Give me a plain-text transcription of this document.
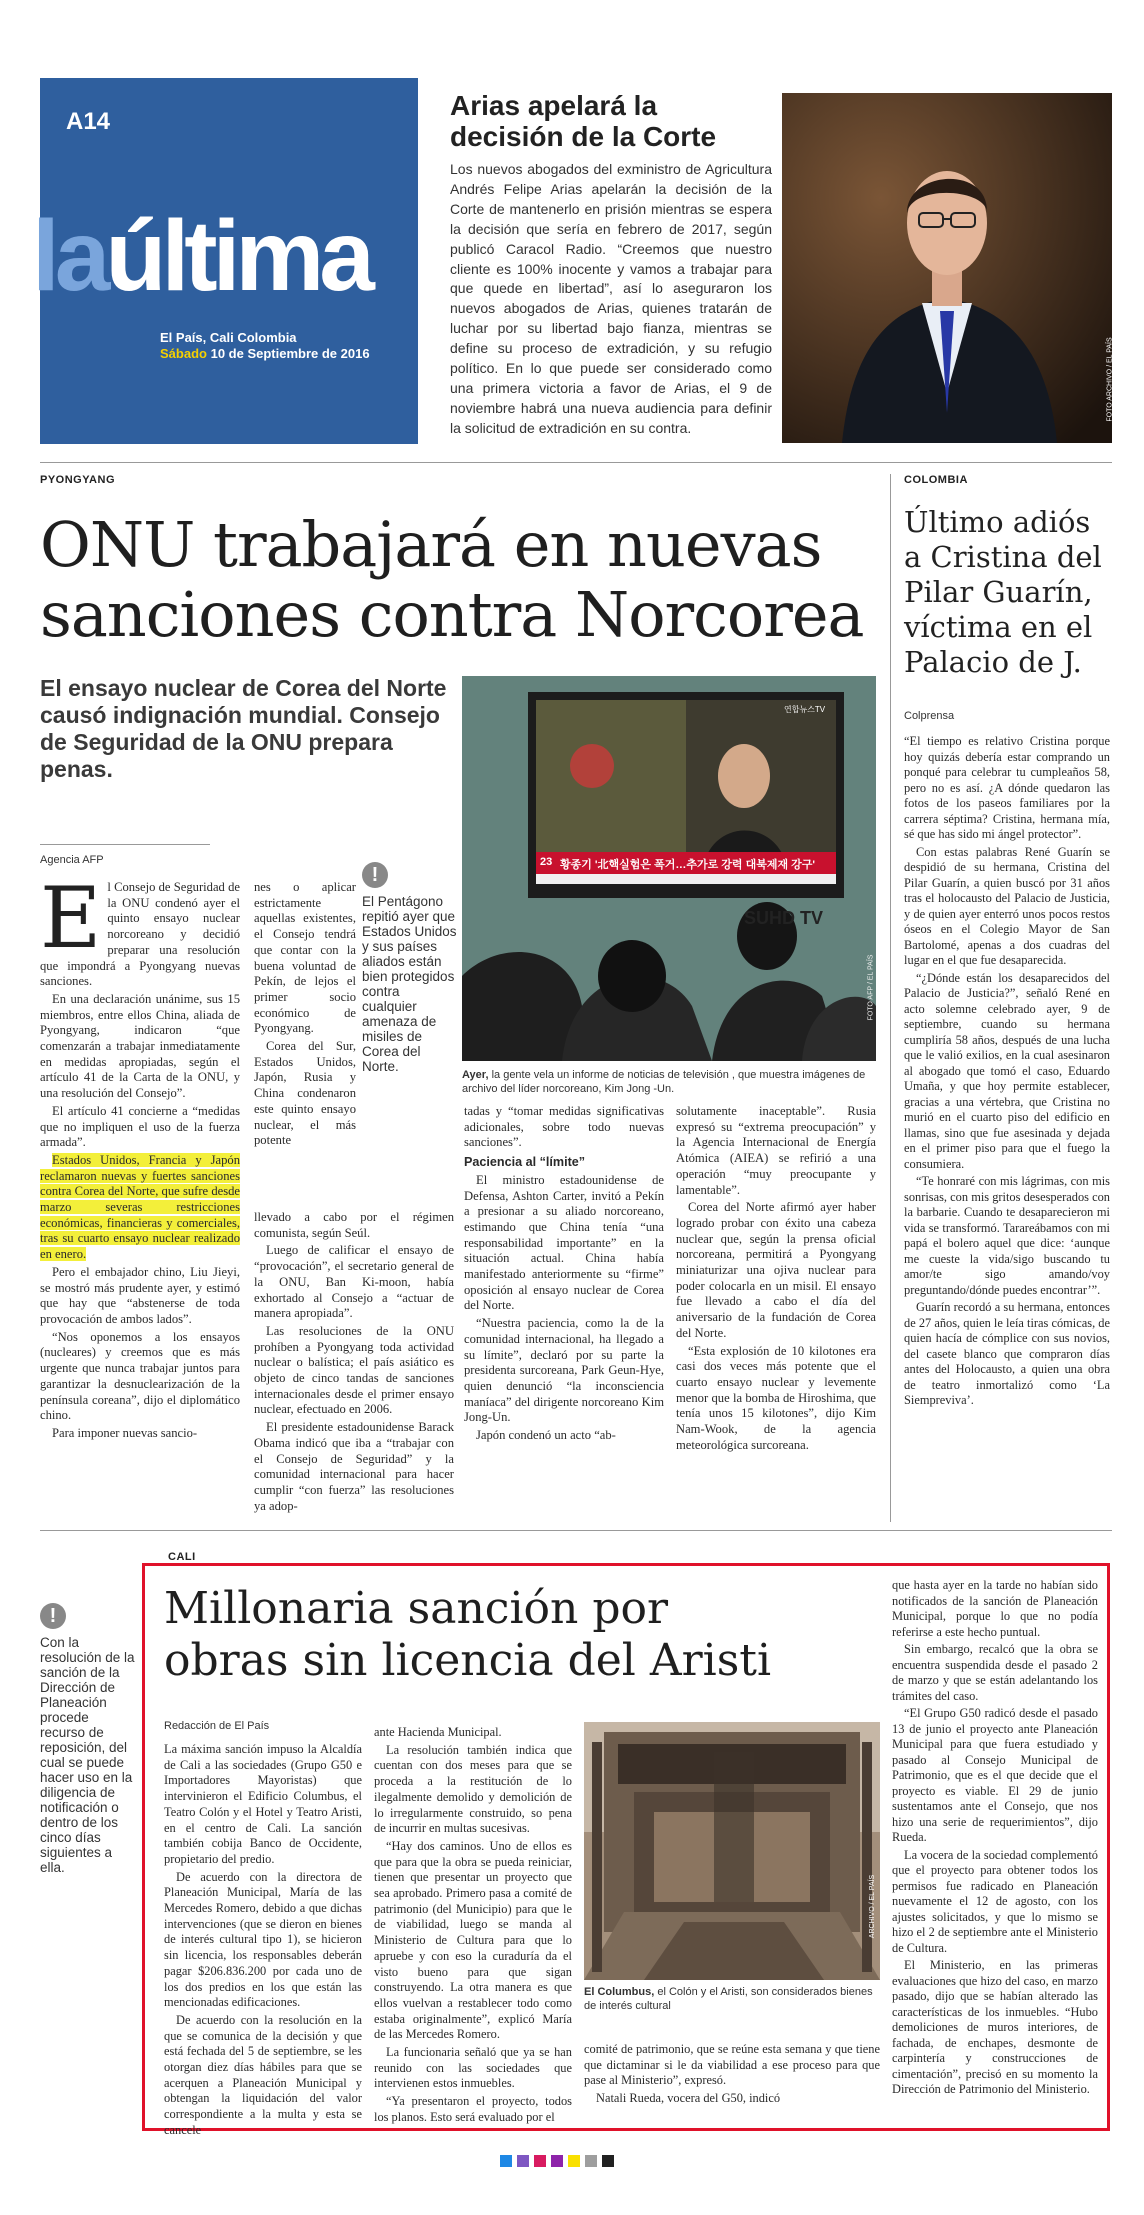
A14
laúltima
El País, Cali Colombia
Sábado 10 de Septiembre de 2016
Arias apelará la
decisión de la Corte
Los nuevos abogados del exministro de Agricultura Andrés Felipe Arias apelarán la decisión de la Corte de mantenerlo en prisión mientras se espera la decisión que sería en febrero de 2017, según publicó Caracol Radio. “Creemos que nuestro cliente es 100% inocente y vamos a trabajar para que quede en libertad”, así lo aseguraron los nuevos abogados de Arias, quienes tratarán de luchar por su libertad bajo fianza, mientras se define su proceso de extradición, y su refugio político. En lo que puede ser considerado como una primera victoria a favor de Arias, el 9 de noviembre habrá una nueva audiencia para definir la solicitud de extradición en su contra.
FOTO ARCHIVO / EL PAÍS
PYONGYANG
ONU trabajará en nuevas
sanciones contra Norcorea
El ensayo nuclear de Corea del Norte causó indignación mundial. Consejo de Seguridad de la ONU prepara penas.
연합뉴스TV
23 황종기 '北핵실험은 폭거…추가로 강력 대북제재 강구'
SUHD TV
FOTO AFP / EL PAÍS
Ayer, la gente vela un informe de noticias de televisión , que muestra imágenes de archivo del líder norcoreano, Kim Jong -Un.
Agencia AFP
E l Consejo de Seguridad de la ONU condenó ayer el quinto ensayo nuclear norcoreano y decidió preparar una resolución que impondrá a Pyongyang nuevas sanciones.

En una declaración unánime, sus 15 miembros, entre ellos China, aliada de Pyongyang, indicaron “que comenzarán a trabajar inmediatamente en medidas apropiadas, según el artículo 41 de la Carta de la ONU, y una resolución del Consejo”.

El artículo 41 concierne a “medidas que no impliquen el uso de la fuerza armada”.

Estados Unidos, Francia y Japón reclamaron nuevas y fuertes sanciones contra Corea del Norte, que sufre desde marzo severas restricciones económicas, financieras y comerciales, tras su cuarto ensayo nuclear realizado en enero.

Pero el embajador chino, Liu Jieyi, se mostró más prudente ayer, y estimó que hay que “abstenerse de toda provocación de ambos lados”.

“Nos oponemos a los ensayos (nucleares) y creemos que es más urgente que nunca trabajar juntos para garantizar la desnuclearización de la península coreana”, dijo el diplomático chino.

Para imponer nuevas sancio-

nes o aplicar estrictamente aquellas existentes, el Consejo tendrá que contar con la buena voluntad de Pekín, de lejos el primer socio económico de Pyongyang.

Corea del Sur, Estados Unidos, Japón, Rusia y China condenaron este quinto ensayo nuclear, el más potente

!
El Pentágono repitió ayer que Estados Unidos y sus países aliados están bien protegidos contra cualquier amenaza de misiles de Corea del Norte.

llevado a cabo por el régimen comunista, según Seúl.

Luego de calificar el ensayo de “provocación”, el secretario general de la ONU, Ban Ki-moon, había exhortado al Consejo a “actuar de manera apropiada”.

Las resoluciones de la ONU prohíben a Pyongyang toda actividad nuclear o balística; el país asiático es objeto de cinco tandas de sanciones internacionales desde el primer ensayo nuclear, efectuado en 2006.

El presidente estadounidense Barack Obama indicó que iba a “trabajar con el Consejo de Seguridad” y la comunidad internacional para hacer cumplir “con fuerza” las resoluciones ya adop-

tadas y “tomar medidas significativas adicionales, sobre todo nuevas sanciones”.

Paciencia al “límite”

El ministro estadounidense de Defensa, Ashton Carter, invitó a Pekín a presionar a su aliado norcoreano, estimando que China tenía “una responsabilidad importante” en la situación actual. China había manifestado anteriormente su “firme” oposición al ensayo nuclear de Corea del Norte.

“Nuestra paciencia, como la de la comunidad internacional, ha llegado a su límite”, declaró por su parte la presidenta surcoreana, Park Geun-Hye, quien denunció “la inconsciencia maníaca” del dirigente norcoreano Kim Jong-Un.

Japón condenó un acto “ab-

solutamente inaceptable”. Rusia expresó su “extrema preocupación” y la Agencia Internacional de Energía Atómica (AIEA) se refirió a una operación “muy preocupante y lamentable”.

Corea del Norte afirmó ayer haber logrado probar con éxito una cabeza nuclear que, según la prensa oficial norcoreana, permitirá a Pyongyang miniaturizar una ojiva nuclear para poder colocarla en un misil. El ensayo fue llevado a cabo el día del aniversario de la fundación de Corea del Norte.

“Esta explosión de 10 kilotones era casi dos veces más potente que el cuarto ensayo nuclear y levemente menor que la bomba de Hiroshima, que tenía unos 15 kilotones”, dijo Kim Nam-Wook, de la agencia meteorológica surcoreana.

COLOMBIA
Último adiós a Cristina del Pilar Guarín, víctima en el Palacio de J.
Colprensa

“El tiempo es relativo Cristina porque hoy quizás debería estar comprando un ponqué para celebrar tu cumpleaños 58, pero no es así. ¿A dónde quedaron las fotos de los paseos familiares por la carrera séptima? Cristina, hermana mía, sé que has sido mi ángel protector”.

Con estas palabras René Guarín se despidió de su hermana, Cristina del Pilar Guarín, a quien buscó por 31 años tras el holocausto del Palacio de Justicia, y de quien ayer enterró unos pocos restos óseos en el Colegio Mayor de San Bartolomé, apenas a dos cuadras del lugar en el que fue desaparecida.

“¿Dónde están los desaparecidos del Palacio de Justicia?”, señaló René en acto solemne celebrado ayer, 9 de septiembre, cuando su hermana cumpliría 58 años, después de una lucha que le valió exilios, en la cual asesinaron al abogado que tomó el caso, Eduardo Umaña, y que hoy permite establecer, gracias a una vértebra, que Cristina no murió en el cuarto piso del edificio en llamas, sino que fue asesinada y dejada en el primer piso para que el fuego la consumiera.

“Te honraré con mis lágrimas, con mis sonrisas, con mis gritos desesperados con la barbarie. Cuando te desaparecieron mi vida se transformó. Tarareábamos con mi papá el bolero aquel que dice: ‘aunque me cueste la vida/sigo buscando tu amor/te sigo amando/voy preguntando/dónde puedes encontrar’”.

Guarín recordó a su hermana, entonces de 27 años, quien le leía tiras cómicas, de quien hacía de cómplice con sus novios, del casete blanco que compraron días antes del Holocausto, a quien una obra de teatro inmortalizó como ‘La Siempreviva’.

!
Con la resolución de la sanción de la Dirección de Planeación procede recurso de reposición, del cual se puede hacer uso en la diligencia de notificación o dentro de los cinco días siguientes a ella.
CALI
Millonaria sanción por
obras sin licencia del Aristi
Redacción de El País

La máxima sanción impuso la Alcaldía de Cali a las sociedades (Grupo G50 e Importadores Mayoristas) que intervinieron el Edificio Columbus, el Teatro Colón y el Hotel y Teatro Aristi, en el centro de Cali. La sanción también cobija Banco de Occidente, propietario del predio.

De acuerdo con la directora de Planeación Municipal, María de las Mercedes Romero, debido a que dichas intervenciones (que se dieron en bienes de interés cultural tipo 1), se hicieron sin licencia, los responsables deberán pagar $206.836.200 por cada uno de los dos predios en los que están las mencionadas edificaciones.

De acuerdo con la resolución en la que se comunica de la decisión y que está fechada del 5 de septiembre, se les otorgan diez días hábiles para que se acerquen a Planeación Municipal y obtengan la liquidación del valor correspondiente a la multa y esta se cancele

ante Hacienda Municipal.

La resolución también indica que cuentan con dos meses para que se proceda a la restitución de lo ilegalmente demolido y demolición de lo irregularmente construido, so pena de incurrir en multas sucesivas.

“Hay dos caminos. Uno de ellos es que para que la obra se pueda reiniciar, tienen que presentar un proyecto que sea aprobado. Primero pasa a comité de patrimonio (del Municipio) para que le de viabilidad, luego se manda al Ministerio de Cultura para que lo apruebe y con eso la curaduría da el visto bueno para que sigan construyendo. La otra manera es que ellos vuelvan a restablecer todo como estaba originalmente”, explicó María de las Mercedes Romero.

La funcionaria señaló que ya se han reunido con las sociedades que intervienen estos inmuebles.

“Ya presentaron el proyecto, todos los planos. Esto será evaluado por el

ARCHIVO / EL PAÍS
El Columbus, el Colón y el Aristi, son considerados bienes de interés cultural

comité de patrimonio, que se reúne esta semana y que tiene que dictaminar si le da viabilidad a ese proceso para que pase al Ministerio”, expresó.

Natali Rueda, vocera del G50, indicó

que hasta ayer en la tarde no habían sido notificados de la sanción de Planeación Municipal, porque lo que no podía referirse a este hecho puntual.

Sin embargo, recalcó que la obra se encuentra suspendida desde el pasado 2 de marzo y que se están adelantando los trámites del caso.

“El Grupo G50 radicó desde el pasado 13 de junio el proyecto ante Planeación Municipal para que fuera estudiado y pasado al Consejo Municipal de Patrimonio, que es el que decide que el proyecto es viable. El 29 de junio sustentamos ante el Consejo, que nos hizo una serie de requerimientos”, dijo Rueda.

La vocera de la sociedad complementó que el proyecto para obtener todos los permisos fue radicado en Planeación nuevamente el 12 de agosto, con los ajustes solicitados, y que lo mismo se hizo el 2 de septiembre ante el Ministerio de Cultura.

El Ministerio, en las primeras evaluaciones que hizo del caso, en marzo pasado, dijo que se habían alterado las características de los inmuebles. “Hubo demoliciones de muros interiores, de fachada, de enchapes, desmonte de carpintería y construcciones de cimentación”, precisó en su momento la Dirección de Patrimonio del Ministerio.
